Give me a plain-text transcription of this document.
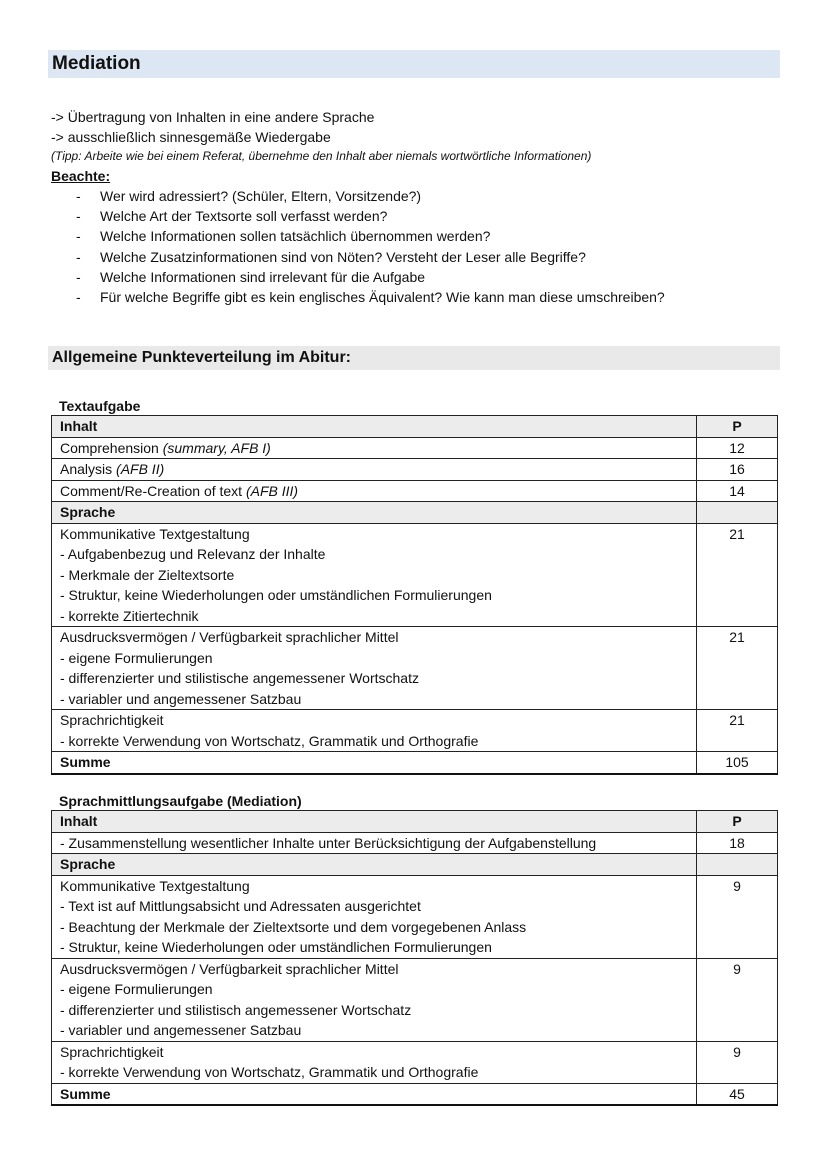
Mediation
-> Übertragung von Inhalten in eine andere Sprache
-> ausschließlich sinnesgemäße Wiedergabe
(Tipp: Arbeite wie bei einem Referat, übernehme den Inhalt aber niemals wortwörtliche Informationen)
Beachte:
- Wer wird adressiert? (Schüler, Eltern, Vorsitzende?)
- Welche Art der Textsorte soll verfasst werden?
- Welche Informationen sollen tatsächlich übernommen werden?
- Welche Zusatzinformationen sind von Nöten? Versteht der Leser alle Begriffe?
- Welche Informationen sind irrelevant für die Aufgabe
- Für welche Begriffe gibt es kein englisches Äquivalent? Wie kann man diese umschreiben?
Allgemeine Punkteverteilung im Abitur:
Textaufgabe
Inhalt	P
Comprehension (summary, AFB I)	12
Analysis (AFB II)	16
Comment/Re-Creation of text (AFB III)	14
Sprache	

Kommunikative Textgestaltung
- Aufgabenbezug und Relevanz der Inhalte
- Merkmale der Zieltextsorte
- Struktur, keine Wiederholungen oder umständlichen Formulierungen
- korrekte Zitiertechnik	21

Ausdrucksvermögen / Verfügbarkeit sprachlicher Mittel
- eigene Formulierungen
- differenzierter und stilistische angemessener Wortschatz
- variabler und angemessener Satzbau	21

Sprachrichtigkeit
- korrekte Verwendung von Wortschatz, Grammatik und Orthografie	21
Summe	105
Sprachmittlungsaufgabe (Mediation)
Inhalt	P
- Zusammenstellung wesentlicher Inhalte unter Berücksichtigung der Aufgabenstellung	18
Sprache	

Kommunikative Textgestaltung
- Text ist auf Mittlungsabsicht und Adressaten ausgerichtet
- Beachtung der Merkmale der Zieltextsorte und dem vorgegebenen Anlass
- Struktur, keine Wiederholungen oder umständlichen Formulierungen	9

Ausdrucksvermögen / Verfügbarkeit sprachlicher Mittel
- eigene Formulierungen
- differenzierter und stilistisch angemessener Wortschatz
- variabler und angemessener Satzbau	9

Sprachrichtigkeit
- korrekte Verwendung von Wortschatz, Grammatik und Orthografie	9
Summe	45
